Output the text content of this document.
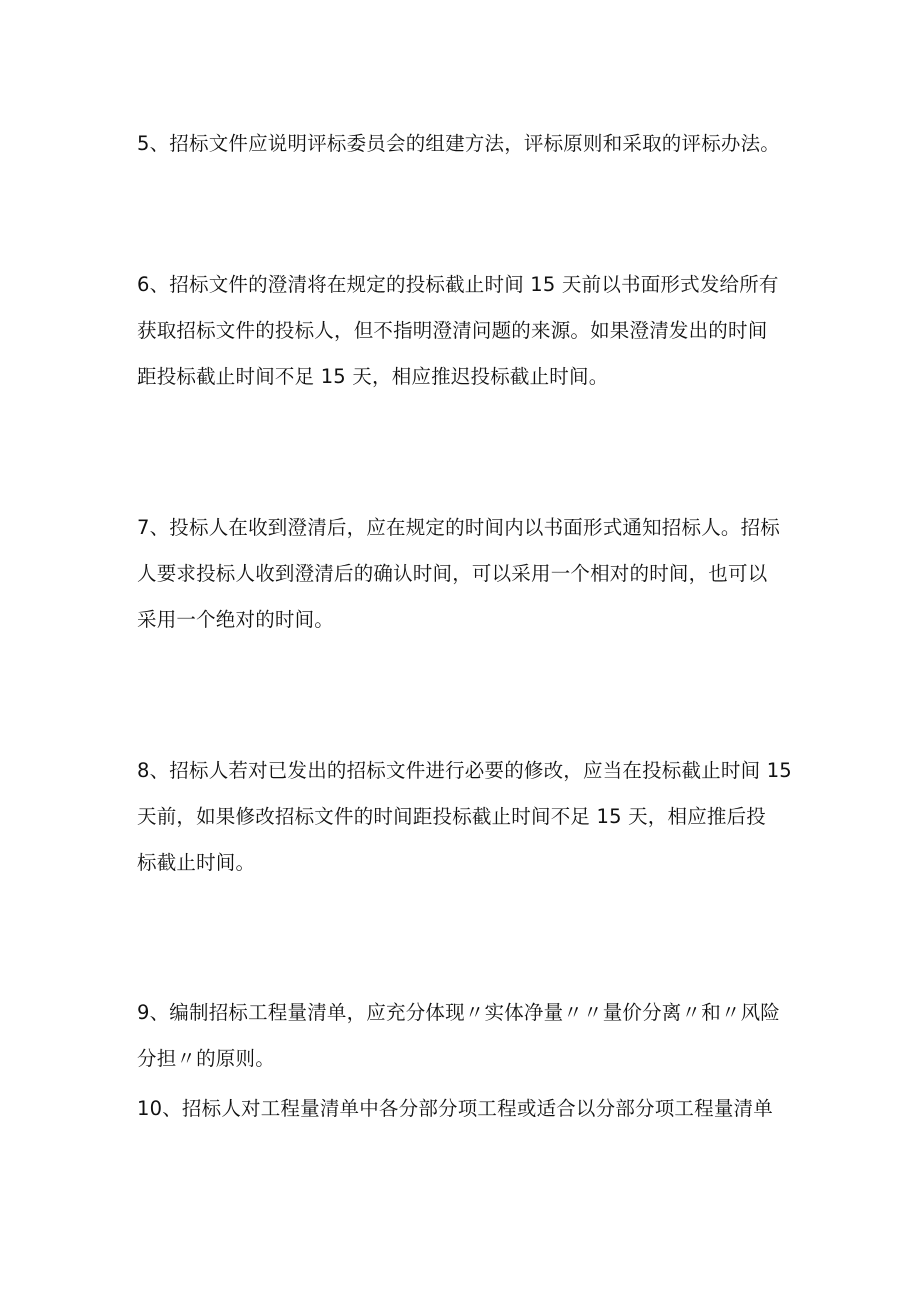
5、招标文件应说明评标委员会的组建方法，评标原则和采取的评标办法。

6、招标文件的澄清将在规定的投标截止时间 15 天前以书面形式发给所有
获取招标文件的投标人，但不指明澄清问题的来源。如果澄清发出的时间
距投标截止时间不足 15 天，相应推迟投标截止时间。

7、投标人在收到澄清后，应在规定的时间内以书面形式通知招标人。招标
人要求投标人收到澄清后的确认时间，可以采用一个相对的时间，也可以
采用一个绝对的时间。

8、招标人若对已发出的招标文件进行必要的修改，应当在投标截止时间 15
天前，如果修改招标文件的时间距投标截止时间不足 15 天，相应推后投
标截止时间。

9、编制招标工程量清单，应充分体现〃实体净量〃〃量价分离〃和〃风险
分担〃的原则。

10、招标人对工程量清单中各分部分项工程或适合以分部分项工程量清单
